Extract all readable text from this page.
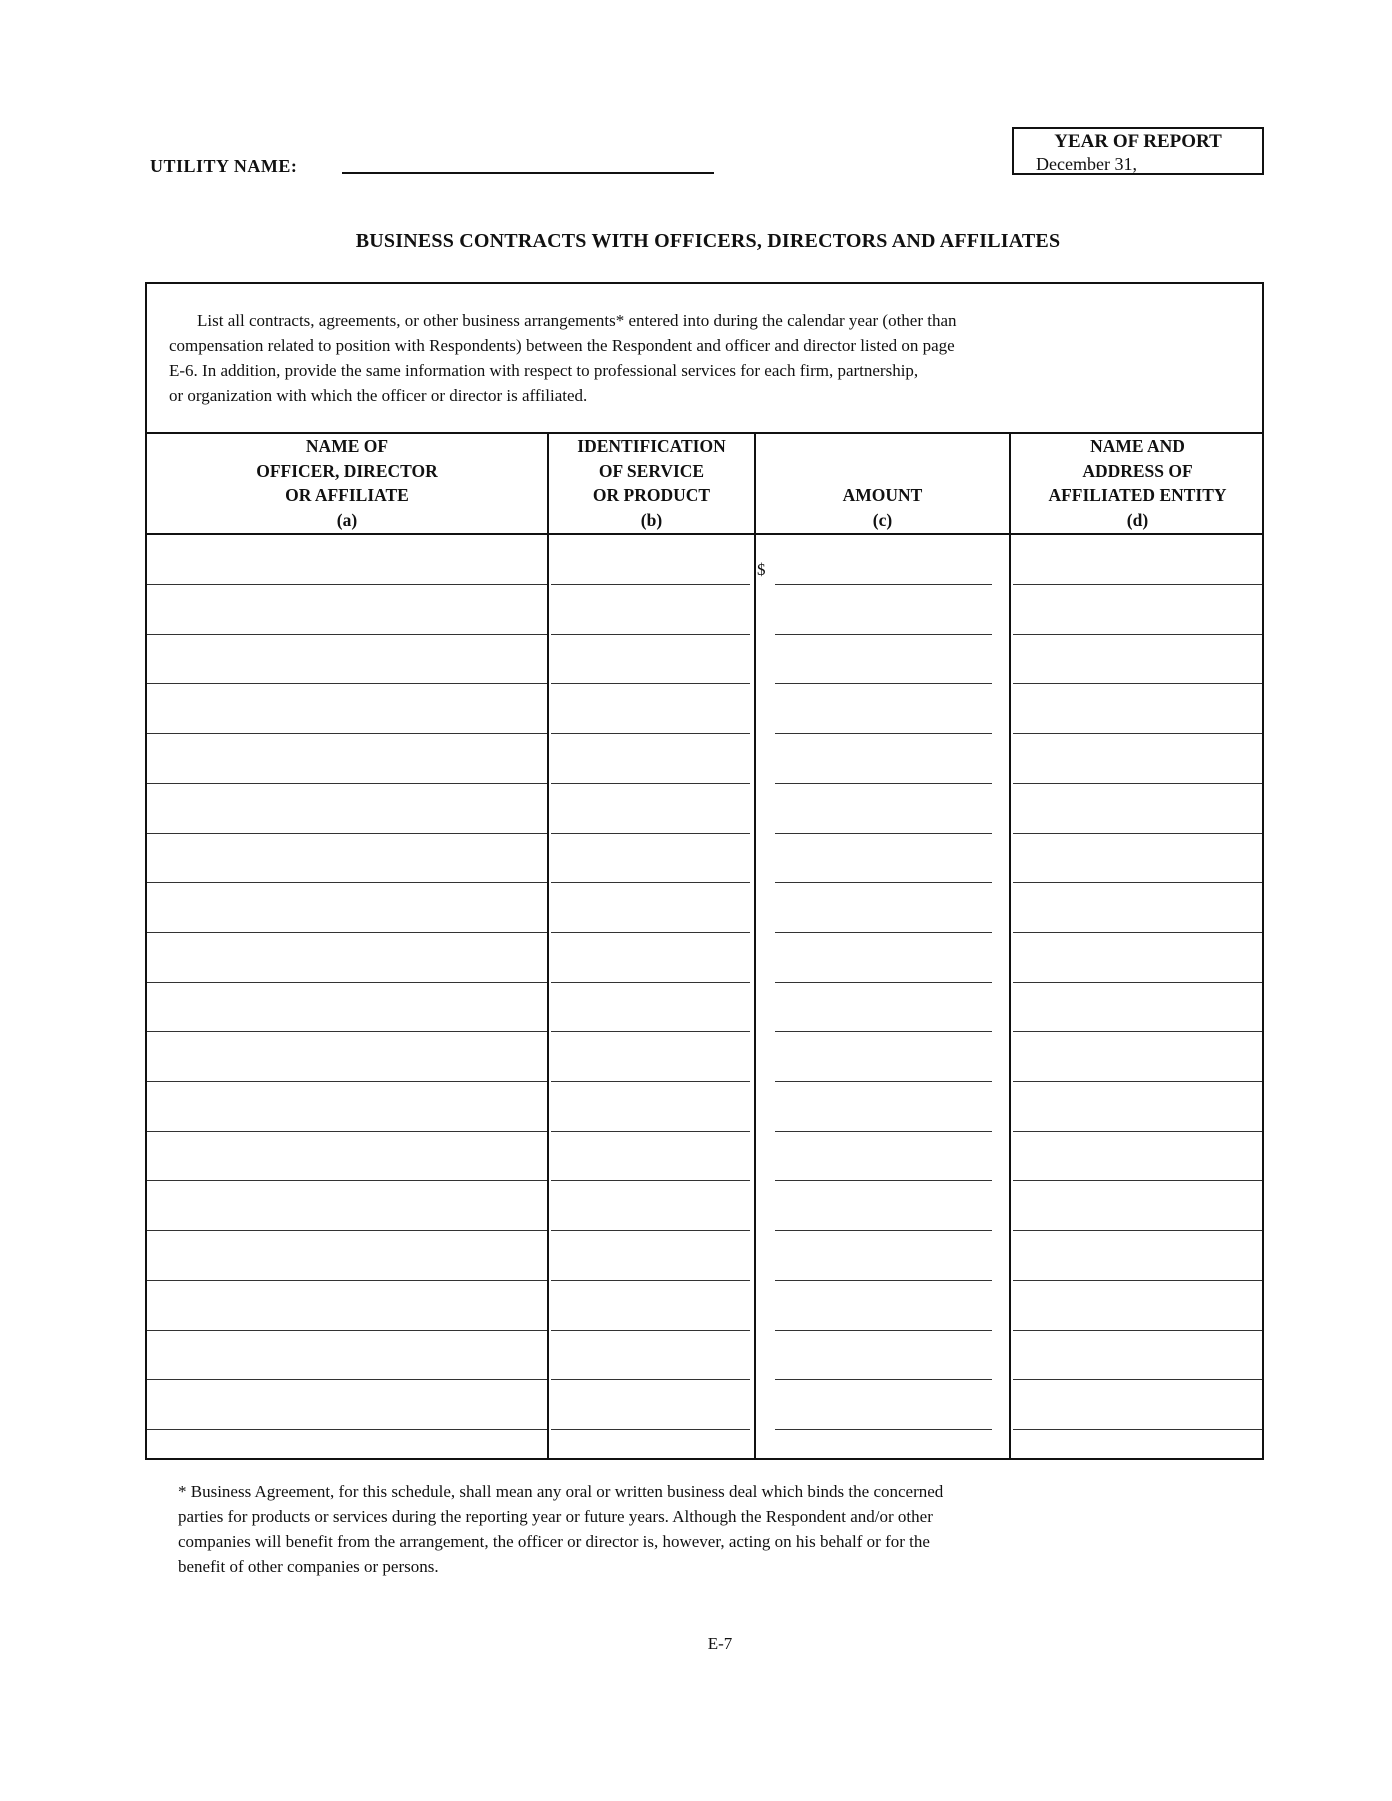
UTILITY NAME:
YEAR OF REPORT
December 31,
BUSINESS CONTRACTS WITH OFFICERS, DIRECTORS AND AFFILIATES
List all contracts, agreements, or other business arrangements* entered into during the calendar year (other than
compensation related to position with Respondents) between the Respondent and officer and director listed on page
E-6. In addition, provide the same information with respect to professional services for each firm, partnership,
or organization with which the officer or director is affiliated.
NAME OF
OFFICER, DIRECTOR
OR AFFILIATE
(a)
IDENTIFICATION
OF SERVICE
OR PRODUCT
(b)
AMOUNT
(c)
NAME AND
ADDRESS OF
AFFILIATED ENTITY
(d)
$
* Business Agreement, for this schedule, shall mean any oral or written business deal which binds the concerned
parties for products or services during the reporting year or future years. Although the Respondent and/or other
companies will benefit from the arrangement, the officer or director is, however, acting on his behalf or for the
benefit of other companies or persons.
E-7
